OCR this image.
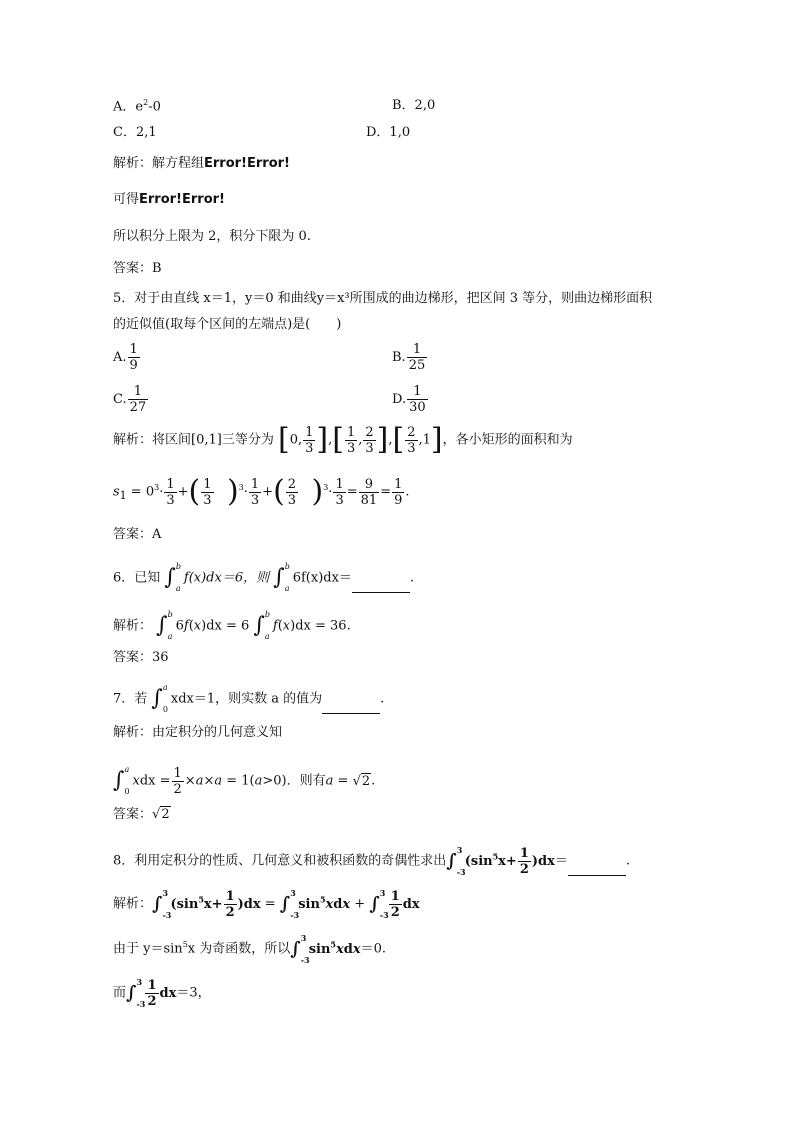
A．$e^2-0$	B．2,0
C．2,1	D．1,0
解析：解方程组Error!Error!
可得Error!Error!
所以积分上限为 2，积分下限为 0.
答案：B
5．对于由直线 x＝1，y＝0 和曲线y＝x³所围成的曲边梯形，把区间 3 等分，则曲边梯形面积
的近似值(取每个区间的左端点)是(　　)
A. $\frac{1}{9}$	B. $\frac{1}{25}$
C. $\frac{1}{27}$	D. $\frac{1}{30}$
解析：将区间[0,1]三等分为 [0, $\frac{1}{3}$ ],[ $\frac{1}{3}$ , $\frac{2}{3}$ ],[ $\frac{2}{3} ,1$]，各小矩形的面积和为
$s_1 = 0^3\cdot \frac{1}{3}$ +( $\frac{1}{3} )^3\cdot \frac{1}{3}$ +( $\frac{2}{3} )^3\cdot \frac{1}{3} = \frac{9}{81} = \frac{1}{9}$ .
答案：A
6．已知 ∫ b
a
f(x)dx＝6，则 ∫ b
a
6f(x)dx＝	.
解析： ∫ b
a
6f(x)dx = 6 ∫ b
a
f(x)dx = 36.
答案：36
7．若 ∫ a
0
xdx＝1，则实数 a 的值为	.
解析：由定积分的几何意义知
∫ a
0
xdx = $\frac{1}{2} \times a\times a = 1(a>0)$．则有a = √2.
答案：√2
8．利用定积分的性质、几何意义和被积函数的奇偶性求出∫ 3
-3
$(\sin^5x+ \frac{1}{2} )dx=$	.
解析：∫ 3
-3
$(\sin^5x+ \frac{1}{2} )dx$ = ∫ 3
-3
$\sin^5xdx$ + ∫ 3
$-3 \frac{1}{2}$ dx
由于 $y=\sin^5x$ 为奇函数，所以∫ 3
-3
$\sin^5xdx=0$.
而∫ 3
$-3 \frac{1}{2} dx=3$，
